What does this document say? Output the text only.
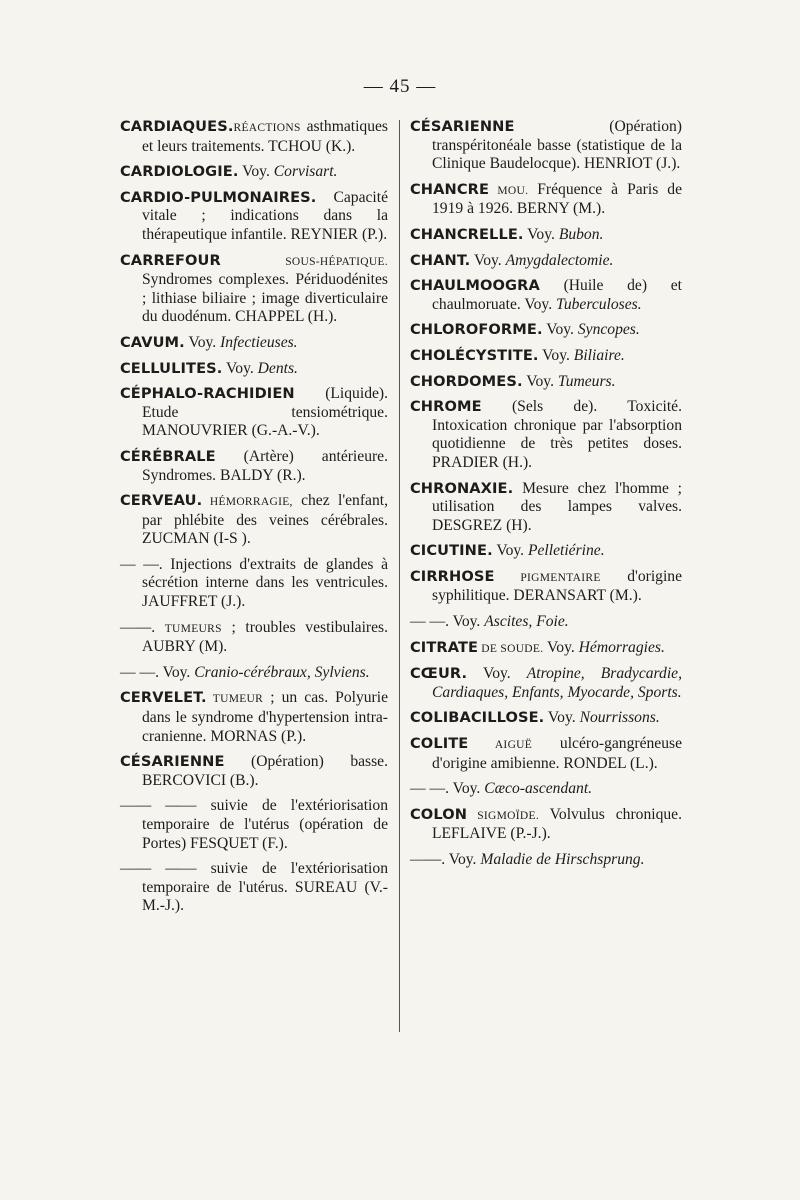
— 45 —
CARDIAQUES.RÉACTIONS asthmatiques et leurs traitements. TCHOU (K.).
CARDIOLOGIE. Voy. Corvisart.
CARDIO-PULMONAIRES. Capacité vitale ; indications dans la thérapeutique infantile. REYNIER (P.).
CARREFOUR SOUS-HÉPATIQUE. Syndromes complexes. Périduodénites ; lithiase biliaire ; image diverticulaire du duodénum. CHAPPEL (H.).
CAVUM. Voy. Infectieuses.
CELLULITES. Voy. Dents.
CÉPHALO-RACHIDIEN (Liquide). Etude tensiométrique. MANOUVRIER (G.-A.-V.).
CÉRÉBRALE (Artère) antérieure. Syndromes. BALDY (R.).
CERVEAU. HÉMORRAGIE, chez l'enfant, par phlébite des veines cérébrales. ZUCMAN (I-S ).
— —. Injections d'extraits de glandes à sécrétion interne dans les ventricules. JAUFFRET (J.).
——. TUMEURS ; troubles vestibulaires. AUBRY (M).
— —. Voy. Cranio-cérébraux, Sylviens.
CERVELET. TUMEUR ; un cas. Polyurie dans le syndrome d'hypertension intra-cranienne. MORNAS (P.).
CÉSARIENNE (Opération) basse. BERCOVICI (B.).
—— —— suivie de l'extériorisation temporaire de l'utérus (opération de Portes) FESQUET (F.).
—— —— suivie de l'extériorisation temporaire de l'utérus. SUREAU (V.-M.-J.).
CÉSARIENNE (Opération) transpéritonéale basse (statistique de la Clinique Baudelocque). HENRIOT (J.).
CHANCRE MOU. Fréquence à Paris de 1919 à 1926. BERNY (M.).
CHANCRELLE. Voy. Bubon.
CHANT. Voy. Amygdalectomie.
CHAULMOOGRA (Huile de) et chaulmoruate. Voy. Tuberculoses.
CHLOROFORME. Voy. Syncopes.
CHOLÉCYSTITE. Voy. Biliaire.
CHORDOMES. Voy. Tumeurs.
CHROME (Sels de). Toxicité. Intoxication chronique par l'absorption quotidienne de très petites doses. PRADIER (H.).
CHRONAXIE. Mesure chez l'homme ; utilisation des lampes valves. DESGREZ (H).
CICUTINE. Voy. Pelletiérine.
CIRRHOSE PIGMENTAIRE d'origine syphilitique. DERANSART (M.).
— —. Voy. Ascites, Foie.
CITRATE DE SOUDE. Voy. Hémorragies.
CŒUR. Voy. Atropine, Bradycardie, Cardiaques, Enfants, Myocarde, Sports.
COLIBACILLOSE. Voy. Nourrissons.
COLITE AIGUË ulcéro-gangréneuse d'origine amibienne. RONDEL (L.).
— —. Voy. Cæco-ascendant.
COLON SIGMOÏDE. Volvulus chronique. LEFLAIVE (P.-J.).
——. Voy. Maladie de Hirschsprung.
